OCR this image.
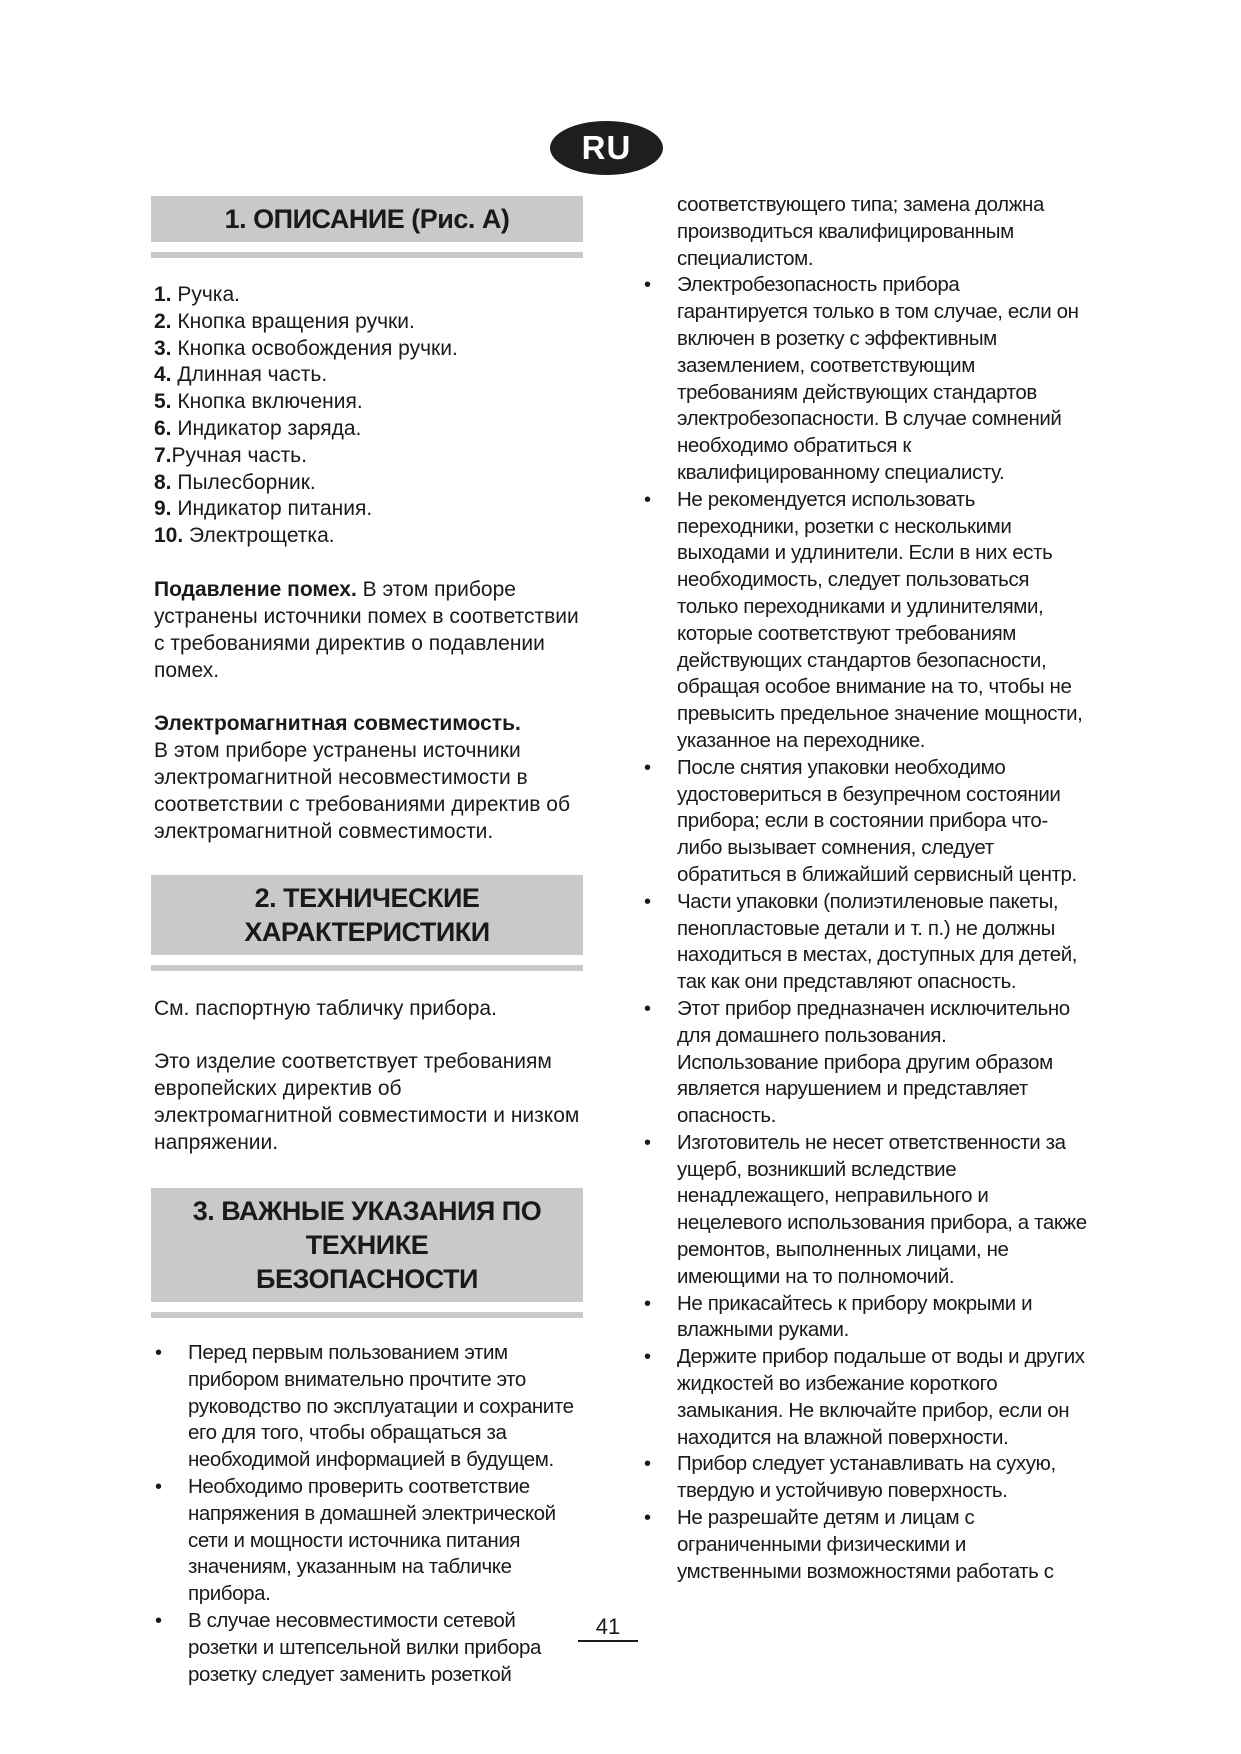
RU
1. ОПИСАНИЕ (Рис. А)
1. Ручка.
2. Кнопка вращения ручки.
3. Кнопка освобождения ручки.
4. Длинная часть.
5. Кнопка включения.
6. Индикатор заряда.
7.Ручная часть.
8. Пылесборник.
9. Индикатор питания.
10. Электрощетка.

Подавление помех. В этом приборе устранены источники помех в соответствии с требованиями директив о подавлении помех.

Электромагнитная совместимость.
В этом приборе устранены источники электромагнитной несовместимости в соответствии с требованиями директив об электромагнитной совместимости.

2. ТЕХНИЧЕСКИЕ ХАРАКТЕРИСТИКИ

См. паспортную табличку прибора.

Это изделие соответствует требованиям европейских директив об электромагнитной совместимости и низком напряжении.

3. ВАЖНЫЕ УКАЗАНИЯ ПО ТЕХНИКЕ
БЕЗОПАСНОСТИ
• Перед первым пользованием этим прибором внимательно прочтите это руководство по эксплуатации и сохраните его для того, чтобы обращаться за необходимой информацией в будущем.
• Необходимо проверить соответствие напряжения в домашней электрической сети и мощности источника питания значениям, указанным на табличке прибора.
• В случае несовместимости сетевой розетки и штепсельной вилки прибора розетку следует заменить розеткой

соответствующего типа; замена должна производиться квалифицированным специалистом.

• Электробезопасность прибора гарантируется только в том случае, если он включен в розетку с эффективным заземлением, соответствующим требованиям действующих стандартов электробезопасности. В случае сомнений необходимо обратиться к квалифицированному специалисту.
• Не рекомендуется использовать переходники, розетки с несколькими выходами и удлинители. Если в них есть необходимость, следует пользоваться только переходниками и удлинителями, которые соответствуют требованиям действующих стандартов безопасности, обращая особое внимание на то, чтобы не превысить предельное значение мощности, указанное на переходнике.
• После снятия упаковки необходимо удостовериться в безупречном состоянии прибора; если в состоянии прибора что-либо вызывает сомнения, следует обратиться в ближайший сервисный центр.
• Части упаковки (полиэтиленовые пакеты, пенопластовые детали и т. п.) не должны находиться в местах, доступных для детей, так как они представляют опасность.
• Этот прибор предназначен исключительно для домашнего пользования. Использование прибора другим образом является нарушением и представляет опасность.
• Изготовитель не несет ответственности за ущерб, возникший вследствие ненадлежащего, неправильного и нецелевого использования прибора, а также ремонтов, выполненных лицами, не имеющими на то полномочий.
• Не прикасайтесь к прибору мокрыми и влажными руками.
• Держите прибор подальше от воды и других жидкостей во избежание короткого замыкания. Не включайте прибор, если он находится на влажной поверхности.
• Прибор следует устанавливать на сухую, твердую и устойчивую поверхность.
• Не разрешайте детям и лицам с ограниченными физическими и умственными возможностями работать с
41
